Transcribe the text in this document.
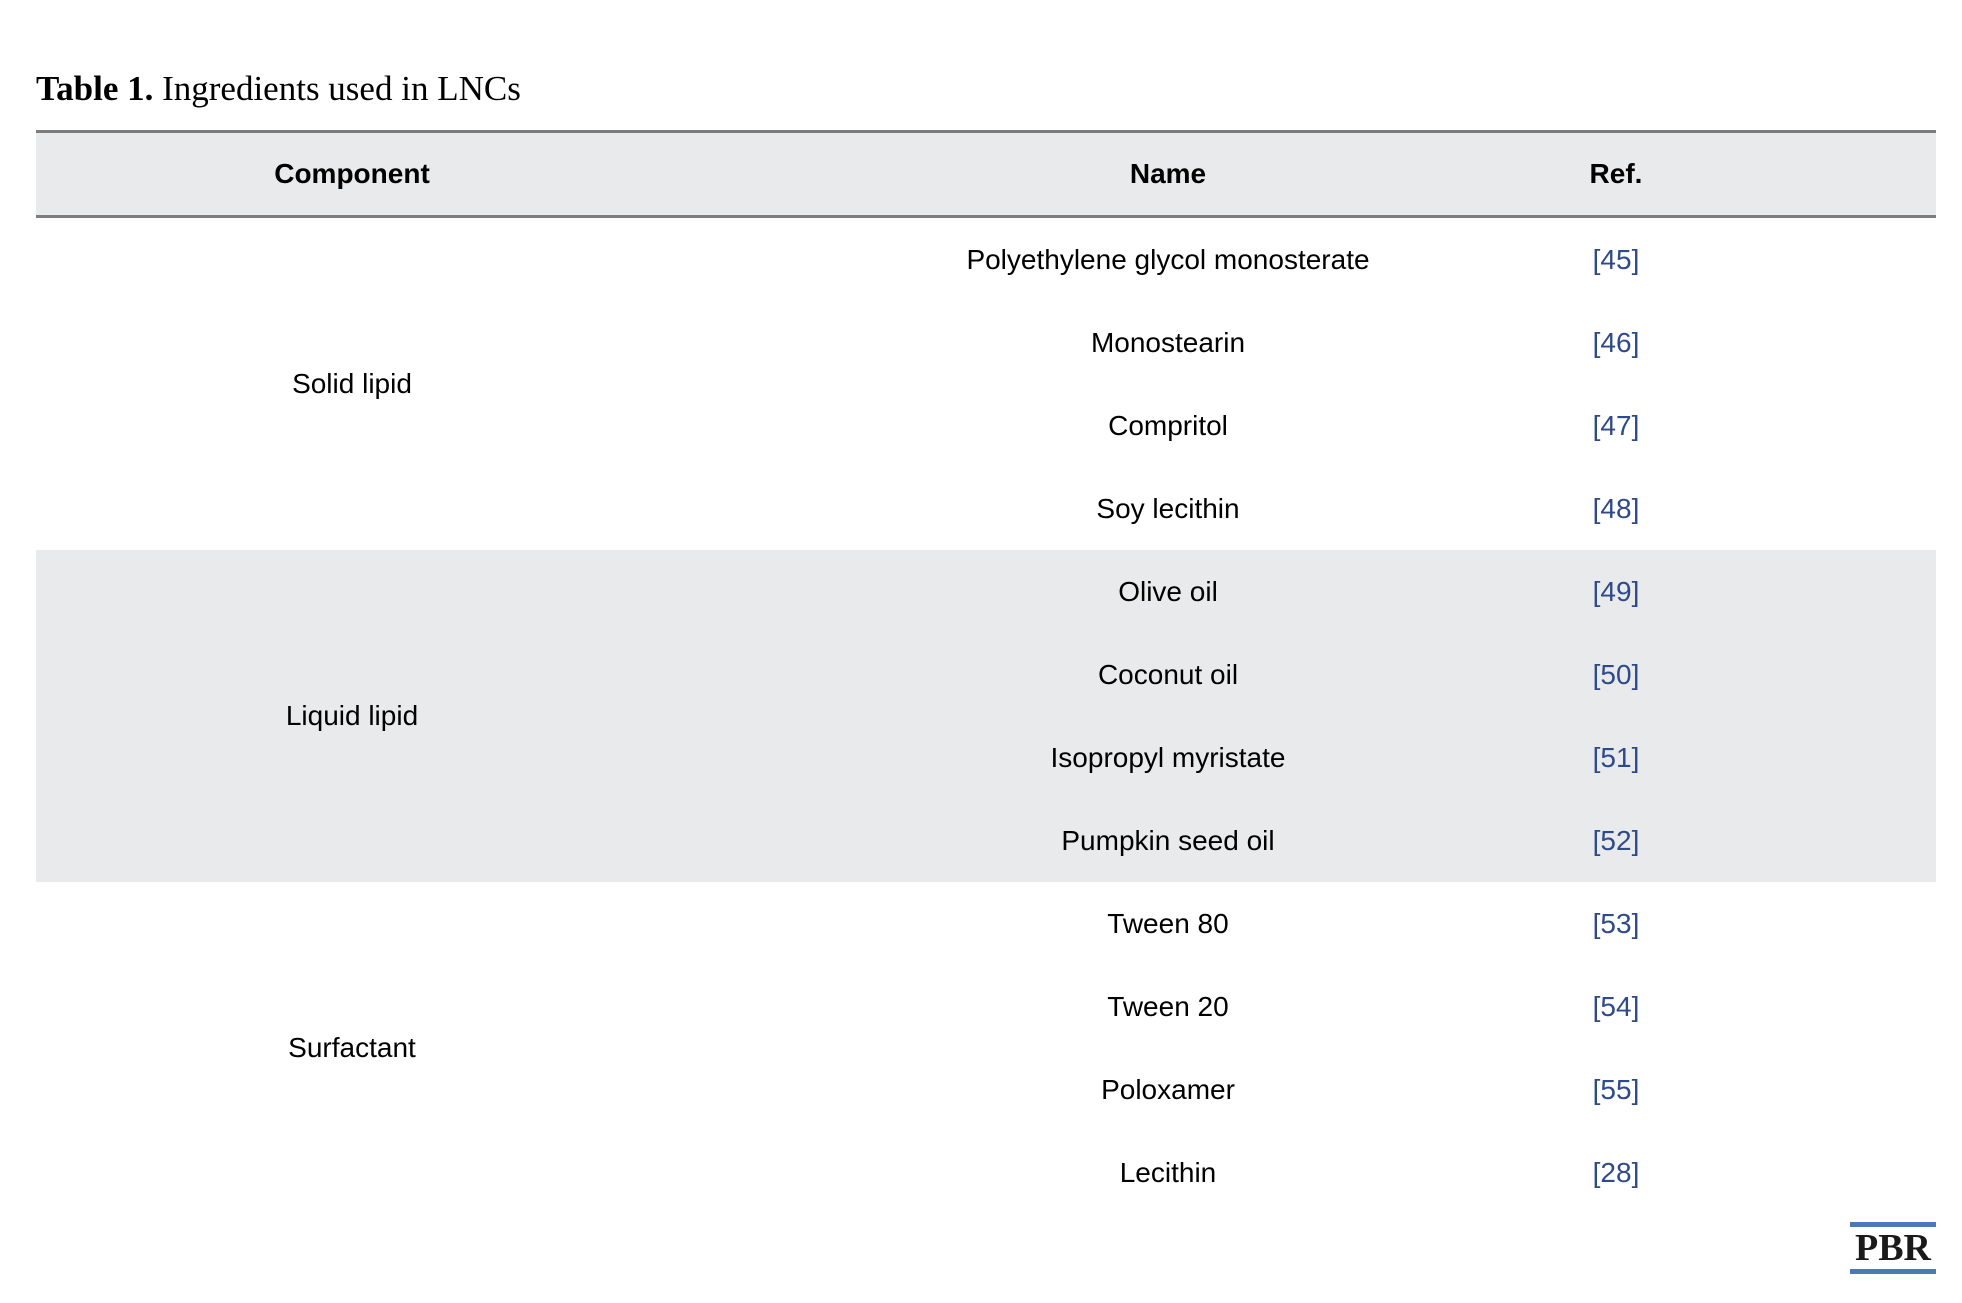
Table 1. Ingredients used in LNCs
Component	Name	Ref.
Solid lipid
Polyethylene glycol monosterate	[45]
Monostearin	[46]
Compritol	[47]
Soy lecithin	[48]
Liquid lipid
Olive oil	[49]
Coconut oil	[50]
Isopropyl myristate	[51]
Pumpkin seed oil	[52]
Surfactant
Tween 80	[53]
Tween 20	[54]
Poloxamer	[55]
Lecithin	[28]
PBR
